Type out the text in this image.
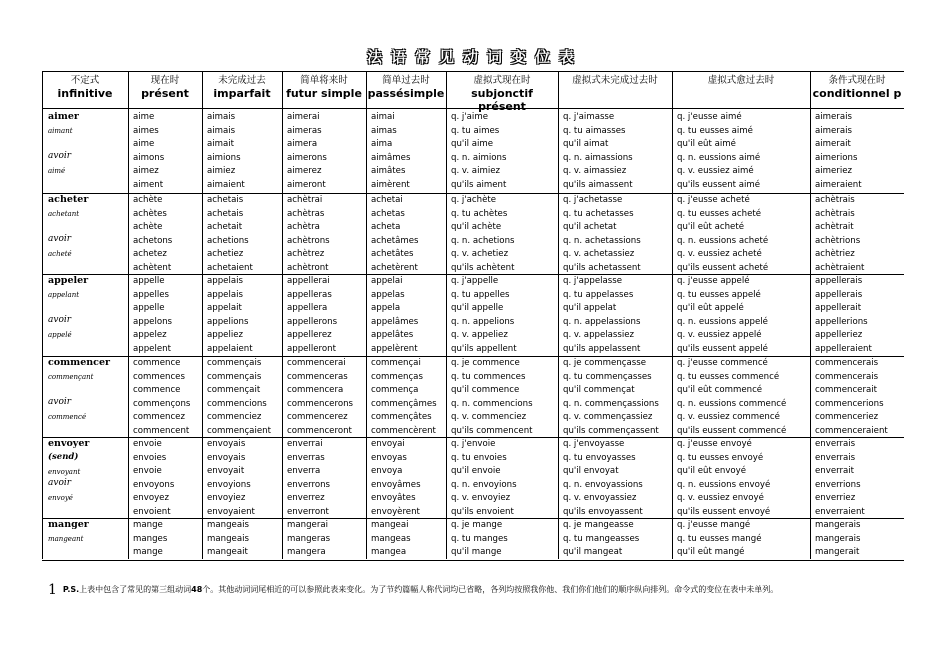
法语常见动词变位表
不定式
infinitive
现在时
présent
未完成过去
imparfait
简单将来时
futur simple
简单过去时
passésimple
虚拟式现在时
subjonctif présent
虚拟式未完成过去时	虚拟式愈过去时	条件式现在时
conditionnel p
aimer
aimant
avoir
aimé
aime
aimes
aime
aimons
aimez
aiment
aimais
aimais
aimait
aimions
aimiez
aimaient
aimerai
aimeras
aimera
aimerons
aimerez
aimeront
aimai
aimas
aima
aimâmes
aimâtes
aimèrent
q. j'aime
q. tu aimes
qu'il aime
q. n. aimions
q. v. aimiez
qu'ils aiment
q. j'aimasse
q. tu aimasses
qu'il aimat
q. n. aimassions
q. v. aimassiez
qu'ils aimassent
q. j'eusse aimé
q. tu eusses aimé
qu'il eût aimé
q. n. eussions aimé
q. v. eussiez aimé
qu'ils eussent aimé
aimerais
aimerais
aimerait
aimerions
aimeriez
aimeraient
acheter
achetant
avoir
acheté
achète
achètes
achète
achetons
achetez
achètent
achetais
achetais
achetait
achetions
achetiez
achetaient
achètrai
achètras
achètra
achètrons
achètrez
achètront
achetai
achetas
acheta
achetâmes
achetâtes
achetèrent
q. j'achète
q. tu achètes
qu'il achète
q. n. achetions
q. v. achetiez
qu'ils achètent
q. j'achetasse
q. tu achetasses
qu'il achetat
q. n. achetassions
q. v. achetassiez
qu'ils achetassent
q. j'eusse acheté
q. tu eusses acheté
qu'il eût acheté
q. n. eussions acheté
q. v. eussiez acheté
qu'ils eussent acheté
achètrais
achètrais
achètrait
achètrions
achètriez
achètraient
appeler
appelant
avoir
appelé
appelle
appelles
appelle
appelons
appelez
appelent
appelais
appelais
appelait
appelions
appeliez
appelaient
appellerai
appelleras
appellera
appellerons
appellerez
appelleront
appelai
appelas
appela
appelâmes
appelâtes
appelèrent
q. j'appelle
q. tu appelles
qu'il appelle
q. n. appelions
q. v. appeliez
qu'ils appellent
q. j'appelasse
q. tu appelasses
qu'il appelat
q. n. appelassions
q. v. appelassiez
qu'ils appelassent
q. j'eusse appelé
q. tu eusses appelé
qu'il eût appelé
q. n. eussions appelé
q. v. eussiez appelé
qu'ils eussent appelé
appellerais
appellerais
appellerait
appellerions
appelleriez
appelleraient
commencer
commençant
avoir
commencé
commence
commences
commence
commençons
commencez
commencent
commençais
commençais
commençait
commencions
commenciez
commençaient
commencerai
commenceras
commencera
commencerons
commencerez
commenceront
commençai
commenças
commença
commençâmes
commençâtes
commencèrent
q. je commence
q. tu commences
qu'il commence
q. n. commencions
q. v. commenciez
qu'ils commencent
q. je commençasse
q. tu commençasses
qu'il commençat
q. n. commençassions
q. v. commençassiez
qu'ils commençassent
q. j'eusse commencé
q. tu eusses commencé
qu'il eût commencé
q. n. eussions commencé
q. v. eussiez commencé
qu'ils eussent commencé
commencerais
commencerais
commencerait
commencerions
commenceriez
commenceraient
envoyer
(send)
envoyant
avoir
envoyé
envoie
envoies
envoie
envoyons
envoyez
envoient
envoyais
envoyais
envoyait
envoyions
envoyiez
envoyaient
enverrai
enverras
enverra
enverrons
enverrez
enverront
envoyai
envoyas
envoya
envoyâmes
envoyâtes
envoyèrent
q. j'envoie
q. tu envoies
qu'il envoie
q. n. envoyions
q. v. envoyiez
qu'ils envoient
q. j'envoyasse
q. tu envoyasses
qu'il envoyat
q. n. envoyassions
q. v. envoyassiez
qu'ils envoyassent
q. j'eusse envoyé
q. tu eusses envoyé
qu'il eût envoyé
q. n. eussions envoyé
q. v. eussiez envoyé
qu'ils eussent envoyé
enverrais
enverrais
enverrait
enverrions
enverriez
enverraient
manger
mangeant
mange
manges
mange
mangeais
mangeais
mangeait
mangerai
mangeras
mangera
mangeai
mangeas
mangea
q. je mange
q. tu manges
qu'il mange
q. je mangeasse
q. tu mangeasses
qu'il mangeat
q. j'eusse mangé
q. tu eusses mangé
qu'il eût mangé
mangerais
mangerais
mangerait
1 P.S.上表中包含了常见的第三组动词48个。其他动词词尾相近的可以参照此表来变化。为了节约篇幅人称代词均已省略，各列均按照我你他、我们你们他们的顺序纵向排列。命令式的变位在表中未单列。
